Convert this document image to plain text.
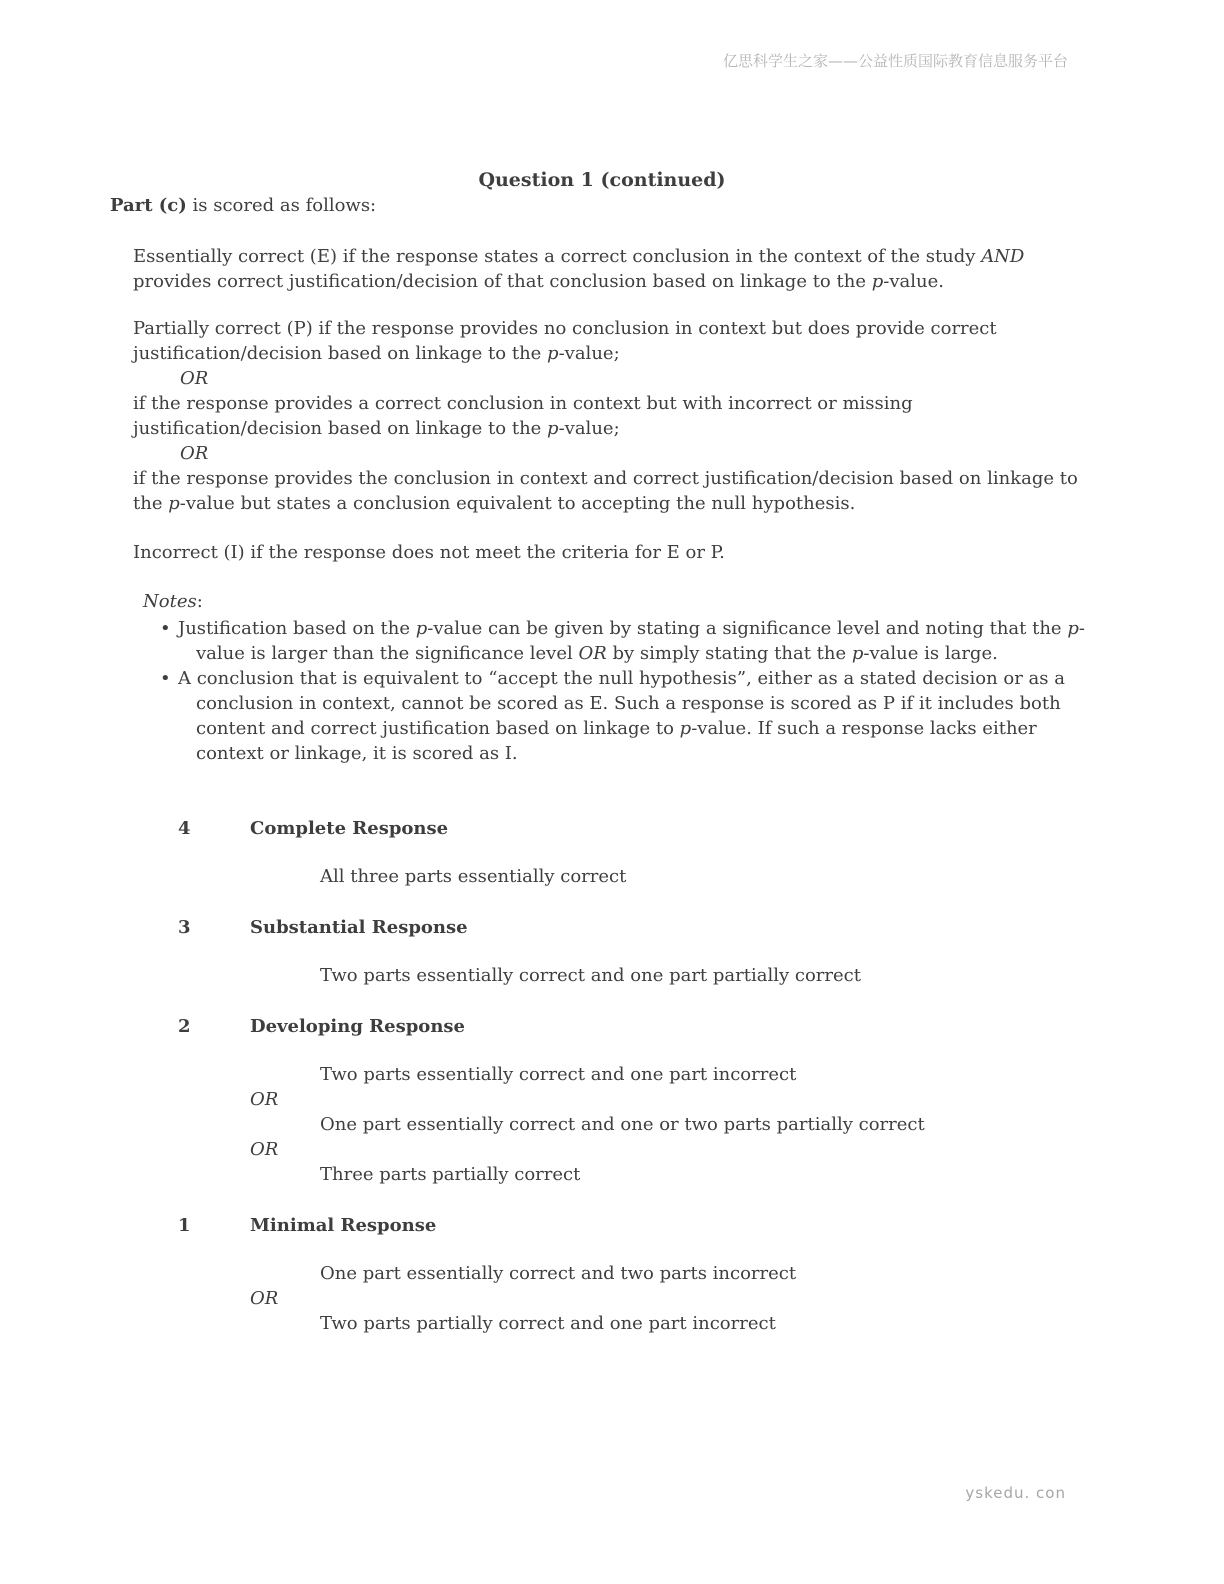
亿思科学生之家——公益性质国际教育信息服务平台
Question 1 (continued)

Part (c) is scored as follows:

Essentially correct (E) if the response states a correct conclusion in the context of the study AND provides correct justification/decision of that conclusion based on linkage to the p-value.

Partially correct (P) if the response provides no conclusion in context but does provide correct justification/decision based on linkage to the p-value;

OR

if the response provides a correct conclusion in context but with incorrect or missing justification/decision based on linkage to the p-value;

OR

if the response provides the conclusion in context and correct justification/decision based on linkage to the p-value but states a conclusion equivalent to accepting the null hypothesis.

Incorrect (I) if the response does not meet the criteria for E or P.

Notes:

• Justification based on the p-value can be given by stating a significance level and noting that the p-value is larger than the significance level OR by simply stating that the p-value is large.

• A conclusion that is equivalent to “accept the null hypothesis”, either as a stated decision or as a conclusion in context, cannot be scored as E. Such a response is scored as P if it includes both content and correct justification based on linkage to p-value. If such a response lacks either context or linkage, it is scored as I.

4	Complete Response
All three parts essentially correct
3	Substantial Response
Two parts essentially correct and one part partially correct
2	Developing Response
Two parts essentially correct and one part incorrect
OR
One part essentially correct and one or two parts partially correct
OR
Three parts partially correct
1	Minimal Response
One part essentially correct and two parts incorrect
OR
Two parts partially correct and one part incorrect
yskedu. con
